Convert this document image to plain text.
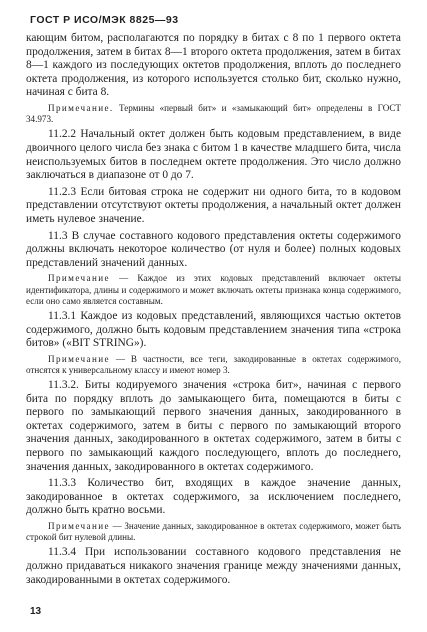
ГОСТ Р ИСО/МЭК 8825—93

кающим битом, располагаются по порядку в битах с 8 по 1 первого октета продолжения, затем в битах 8—1 второго октета продолжения, затем в битах 8—1 каждого из последующих октетов продолжения, вплоть до последнего октета продолжения, из которого используется столько бит, сколько нужно, начиная с бита 8.

Примечание. Термины «первый бит» и «замыкающий бит» определены в ГОСТ 34.973.

11.2.2 Начальный октет должен быть кодовым представлением, в виде двоичного целого числа без знака с битом 1 в качестве младшего бита, числа неиспользуемых битов в последнем октете продолжения. Это число должно заключаться в диапазоне от 0 до 7.

11.2.3 Если битовая строка не содержит ни одного бита, то в кодовом представлении отсутствуют октеты продолжения, а начальный октет должен иметь нулевое значение.

11.3 В случае составного кодового представления октеты содержимого должны включать некоторое количество (от нуля и более) полных кодовых представлений значений данных.

Примечание — Каждое из этих кодовых представлений включает октеты идентификатора, длины и содержимого и может включать октеты признака конца содержимого, если оно само является составным.

11.3.1 Каждое из кодовых представлений, являющихся частью октетов содержимого, должно быть кодовым представлением значения типа «строка битов» («BIT STRING»).

Примечание — В частности, все теги, закодированные в октетах содержимого, отнсятся к универсальному классу и имеют номер 3.

11.3.2. Биты кодируемого значения «строка бит», начиная с первого бита по порядку вплоть до замыкающего бита, помещаются в биты с первого по замыкающий первого значения данных, закодированного в октетах содержимого, затем в биты с первого по замыкающий второго значения данных, закодированного в октетах содержимого, затем в биты с первого по замыкающий каждого последующего, вплоть до последнего, значения данных, закодированного в октетах содержимого.

11.3.3 Количество бит, входящих в каждое значение данных, закодированное в октетах содержимого, за исключением последнего, должно быть кратно восьми.

Примечание — Значение данных, закодированное в октетах содержимого, может быть строкой бит нулевой длины.

11.3.4 При использовании составного кодового представления не должно придаваться никакого значения границе между значениями данных, закодированными в октетах содержимого.

13
